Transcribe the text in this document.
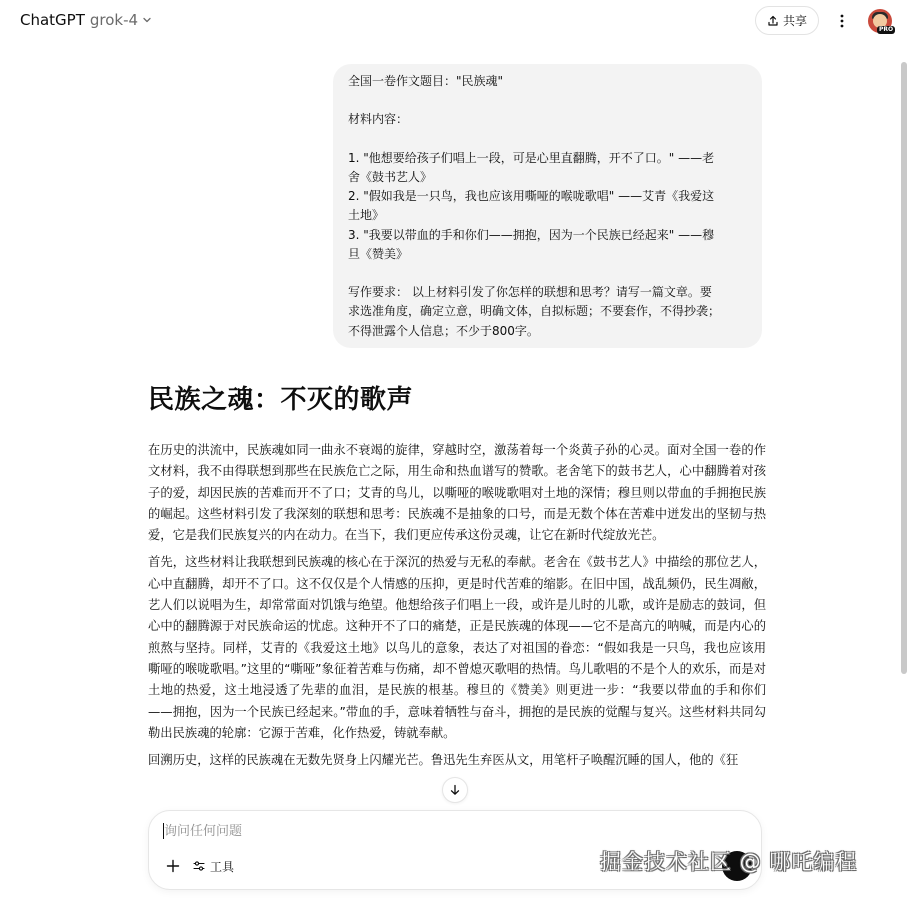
ChatGPT grok-4	共享
PRO

全国一卷作文题目："民族魂"

材料内容：

1. "他想要给孩子们唱上一段，可是心里直翻腾，开不了口。" ——老

舍《鼓书艺人》

2. "假如我是一只鸟，我也应该用嘶哑的喉咙歌唱" ——艾青《我爱这

土地》

3. "我要以带血的手和你们——拥抱，因为一个民族已经起来" ——穆

旦《赞美》

写作要求： 以上材料引发了你怎样的联想和思考？请写一篇文章。要

求选准角度，确定立意，明确文体，自拟标题；不要套作，不得抄袭；

不得泄露个人信息；不少于800字。

民族之魂：不灭的歌声

在历史的洪流中，民族魂如同一曲永不衰竭的旋律，穿越时空，激荡着每一个炎黄子孙的心灵。面对全国一卷的作文材料，我不由得联想到那些在民族危亡之际，用生命和热血谱写的赞歌。老舍笔下的鼓书艺人，心中翻腾着对孩子的爱，却因民族的苦难而开不了口；艾青的鸟儿，以嘶哑的喉咙歌唱对土地的深情；穆旦则以带血的手拥抱民族的崛起。这些材料引发了我深刻的联想和思考：民族魂不是抽象的口号，而是无数个体在苦难中迸发出的坚韧与热爱，它是我们民族复兴的内在动力。在当下，我们更应传承这份灵魂，让它在新时代绽放光芒。

首先，这些材料让我联想到民族魂的核心在于深沉的热爱与无私的奉献。老舍在《鼓书艺人》中描绘的那位艺人，心中直翻腾，却开不了口。这不仅仅是个人情感的压抑，更是时代苦难的缩影。在旧中国，战乱频仍，民生凋敝，艺人们以说唱为生，却常常面对饥饿与绝望。他想给孩子们唱上一段，或许是儿时的儿歌，或许是励志的鼓词，但心中的翻腾源于对民族命运的忧虑。这种开不了口的痛楚，正是民族魂的体现——它不是高亢的呐喊，而是内心的煎熬与坚持。同样，艾青的《我爱这土地》以鸟儿的意象，表达了对祖国的眷恋：“假如我是一只鸟，我也应该用嘶哑的喉咙歌唱。”这里的“嘶哑”象征着苦难与伤痛，却不曾熄灭歌唱的热情。鸟儿歌唱的不是个人的欢乐，而是对土地的热爱，这土地浸透了先辈的血泪，是民族的根基。穆旦的《赞美》则更进一步：“我要以带血的手和你们——拥抱，因为一个民族已经起来。”带血的手，意味着牺牲与奋斗，拥抱的是民族的觉醒与复兴。这些材料共同勾勒出民族魂的轮廓：它源于苦难，化作热爱，铸就奉献。

回溯历史，这样的民族魂在无数先贤身上闪耀光芒。鲁迅先生弃医从文，用笔杆子唤醒沉睡的国人，他的《狂

询问任何问题
工具	掘金技术社区 @ 哪吒编程
